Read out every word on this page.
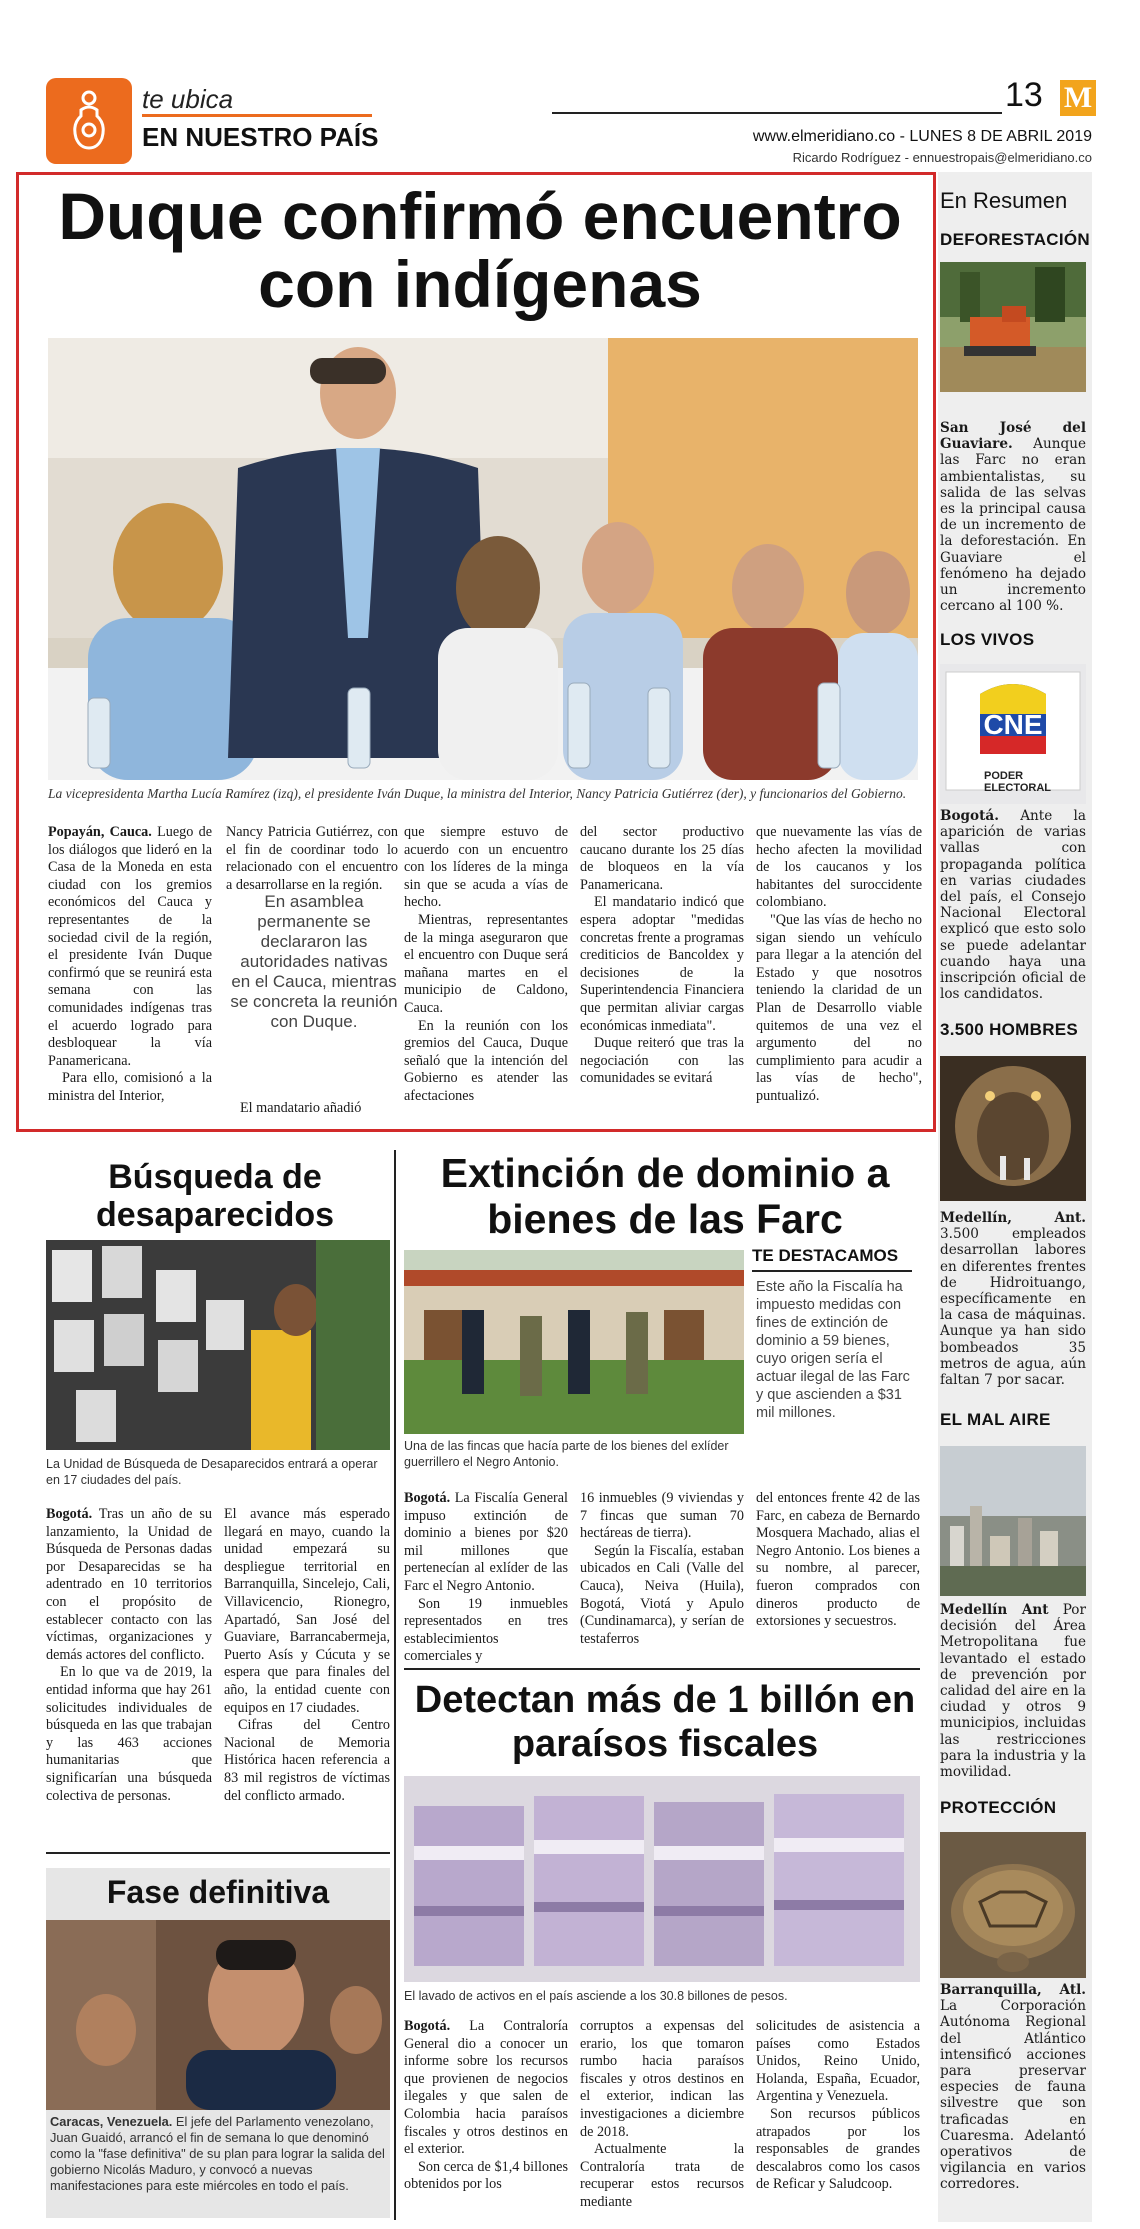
te ubica
EN NUESTRO PAÍS
13 M
www.elmeridiano.co - LUNES 8 DE ABRIL 2019
Ricardo Rodríguez - ennuestropais@elmeridiano.co
En Resumen
DEFORESTACIÓN
San José del Guaviare. Aunque las Farc no eran ambientalistas, su salida de las selvas es la principal causa de un incremento de la deforestación. En Guaviare el fenómeno ha dejado un incremento cercano al 100 %.
LOS VIVOS
CNE
PODER ELECTORAL
Bogotá. Ante la aparición de varias vallas con propaganda política en varias ciudades del país, el Consejo Nacional Electoral explicó que esto solo se puede adelantar cuando haya una inscripción oficial de los candidatos.
3.500 HOMBRES
Medellín, Ant. 3.500 empleados desarrollan labores en diferentes frentes de Hidroituango, específicamente en la casa de máquinas. Aunque ya han sido bombeados 35 metros de agua, aún faltan 7 por sacar.
EL MAL AIRE
Medellín Ant Por decisión del Área Metropolitana fue levantado el estado de prevención por calidad del aire en la ciudad y otros 9 municipios, incluidas las restricciones para la industria y la movilidad.
PROTECCIÓN
Barranquilla, Atl. La Corporación Autónoma Regional del Atlántico intensificó acciones para preservar especies de fauna silvestre que son traficadas en Cuaresma. Adelantó operativos de vigilancia en varios corredores.
Duque confirmó encuentro con indígenas
La vicepresidenta Martha Lucía Ramírez (izq), el presidente Iván Duque, la ministra del Interior, Nancy Patricia Gutiérrez (der), y funcionarios del Gobierno.

Popayán, Cauca. Luego de los diálogos que lideró en la Casa de la Moneda en esta ciudad con los gremios económicos del Cauca y representantes de la sociedad civil de la región, el presidente Iván Duque confirmó que se reunirá esta semana con las comunidades indígenas tras el acuerdo logrado para desbloquear la vía Panamericana.

Para ello, comisionó a la ministra del Interior,

Nancy Patricia Gutiérrez, con el fin de coordinar todo lo relacionado con el encuentro a desarrollarse en la región.

En asamblea permanente se declararon las autoridades nativas en el Cauca, mientras se concreta la reunión con Duque.

El mandatario añadió

que siempre estuvo de acuerdo con un encuentro con los líderes de la minga sin que se acuda a vías de hecho.

Mientras, representantes de la minga aseguraron que el encuentro con Duque será mañana martes en el municipio de Caldono, Cauca.

En la reunión con los gremios del Cauca, Duque señaló que la intención del Gobierno es atender las afectaciones

del sector productivo caucano durante los 25 días de bloqueos en la vía Panamericana.

El mandatario indicó que espera adoptar "medidas concretas frente a programas crediticios de Bancoldex y decisiones de la Superintendencia Financiera que permitan aliviar cargas económicas inmediata".

Duque reiteró que tras la negociación con las comunidades se evitará

que nuevamente las vías de hecho afecten la movilidad de los caucanos y los habitantes del suroccidente colombiano.

"Que las vías de hecho no sigan siendo un vehículo para llegar a la atención del Estado y que nosotros teniendo la claridad de un Plan de Desarrollo viable quitemos de una vez el argumento del no cumplimiento para acudir a las vías de hecho", puntualizó.

Búsqueda de desaparecidos
La Unidad de Búsqueda de Desaparecidos entrará a operar en 17 ciudades del país.

Bogotá. Tras un año de su lanzamiento, la Unidad de Búsqueda de Personas dadas por Desaparecidas se ha adentrado en 10 territorios con el propósito de establecer contacto con las víctimas, organizaciones y demás actores del conflicto.

En lo que va de 2019, la entidad informa que hay 261 solicitudes individuales de búsqueda en las que trabajan y las 463 acciones humanitarias que significarían una búsqueda colectiva de personas.

El avance más esperado llegará en mayo, cuando la unidad empezará su despliegue territorial en Barranquilla, Sincelejo, Cali, Villavicencio, Rionegro, Apartadó, San José del Guaviare, Barrancabermeja, Puerto Asís y Cúcuta y se espera que para finales del año, la entidad cuente con equipos en 17 ciudades.

Cifras del Centro Nacional de Memoria Histórica hacen referencia a 83 mil registros de víctimas del conflicto armado.

Fase definitiva
Caracas, Venezuela. El jefe del Parlamento venezolano, Juan Guaidó, arrancó el fin de semana lo que denominó como la "fase definitiva" de su plan para lograr la salida del gobierno Nicolás Maduro, y convocó a nuevas manifestaciones para este miércoles en todo el país.
Extinción de dominio a bienes de las Farc
Una de las fincas que hacía parte de los bienes del exlíder guerrillero el Negro Antonio.
TE DESTACAMOS
Este año la Fiscalía ha impuesto medidas con fines de extinción de dominio a 59 bienes, cuyo origen sería el actuar ilegal de las Farc y que ascienden a $31 mil millones.

Bogotá. La Fiscalía General impuso extinción de dominio a bienes por $20 mil millones que pertenecían al exlíder de las Farc el Negro Antonio.

Son 19 inmuebles representados en tres establecimientos comerciales y

16 inmuebles (9 viviendas y 7 fincas que suman 70 hectáreas de tierra).

Según la Fiscalía, estaban ubicados en Cali (Valle del Cauca), Neiva (Huila), Bogotá, Viotá y Apulo (Cundinamarca), y serían de testaferros

del entonces frente 42 de las Farc, en cabeza de Bernardo Mosquera Machado, alias el Negro Antonio. Los bienes a su nombre, al parecer, fueron comprados con dineros producto de extorsiones y secuestros.

Detectan más de 1 billón en paraísos fiscales
El lavado de activos en el país asciende a los 30.8 billones de pesos.

Bogotá. La Contraloría General dio a conocer un informe sobre los recursos que provienen de negocios ilegales y que salen de Colombia hacia paraísos fiscales y otros destinos en el exterior.

Son cerca de $1,4 billones obtenidos por los

corruptos a expensas del erario, los que tomaron rumbo hacia paraísos fiscales y otros destinos en el exterior, indican las investigaciones a diciembre de 2018.

Actualmente la Contraloría trata de recuperar estos recursos mediante

solicitudes de asistencia a países como Estados Unidos, Reino Unido, Holanda, España, Ecuador, Argentina y Venezuela.

Son recursos públicos atrapados por los responsables de grandes descalabros como los casos de Reficar y Saludcoop.
